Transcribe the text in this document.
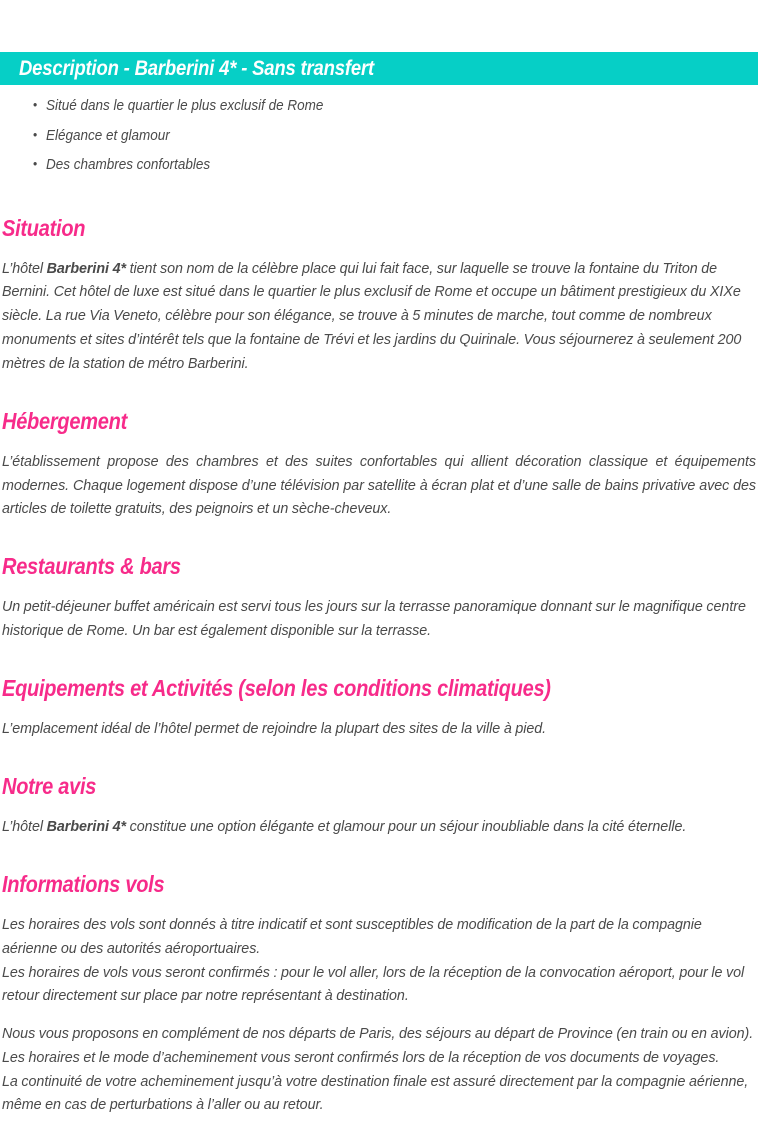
Description - Barberini 4* - Sans transfert
• Situé dans le quartier le plus exclusif de Rome
• Elégance et glamour
• Des chambres confortables
Situation

L’hôtel Barberini 4* tient son nom de la célèbre place qui lui fait face, sur laquelle se trouve la fontaine du Triton de Bernini. Cet hôtel de luxe est situé dans le quartier le plus exclusif de Rome et occupe un bâtiment prestigieux du XIXe siècle. La rue Via Veneto, célèbre pour son élégance, se trouve à 5 minutes de marche, tout comme de nombreux monuments et sites d’intérêt tels que la fontaine de Trévi et les jardins du Quirinale. Vous séjournerez à seulement 200 mètres de la station de métro Barberini.

Hébergement

L’établissement propose des chambres et des suites confortables qui allient décoration classique et équipements modernes. Chaque logement dispose d’une télévision par satellite à écran plat et d’une salle de bains privative avec des articles de toilette gratuits, des peignoirs et un sèche-cheveux.

Restaurants & bars

Un petit-déjeuner buffet américain est servi tous les jours sur la terrasse panoramique donnant sur le magnifique centre historique de Rome. Un bar est également disponible sur la terrasse.

Equipements et Activités (selon les conditions climatiques)

L’emplacement idéal de l’hôtel permet de rejoindre la plupart des sites de la ville à pied.

Notre avis

L’hôtel Barberini 4* constitue une option élégante et glamour pour un séjour inoubliable dans la cité éternelle.

Informations vols

Les horaires des vols sont donnés à titre indicatif et sont susceptibles de modification de la part de la compagnie aérienne ou des autorités aéroportuaires.

Les horaires de vols vous seront confirmés : pour le vol aller, lors de la réception de la convocation aéroport, pour le vol retour directement sur place par notre représentant à destination.

Nous vous proposons en complément de nos départs de Paris, des séjours au départ de Province (en train ou en avion).

Les horaires et le mode d’acheminement vous seront confirmés lors de la réception de vos documents de voyages.

La continuité de votre acheminement jusqu’à votre destination finale est assuré directement par la compagnie aérienne, même en cas de perturbations à l’aller ou au retour.
